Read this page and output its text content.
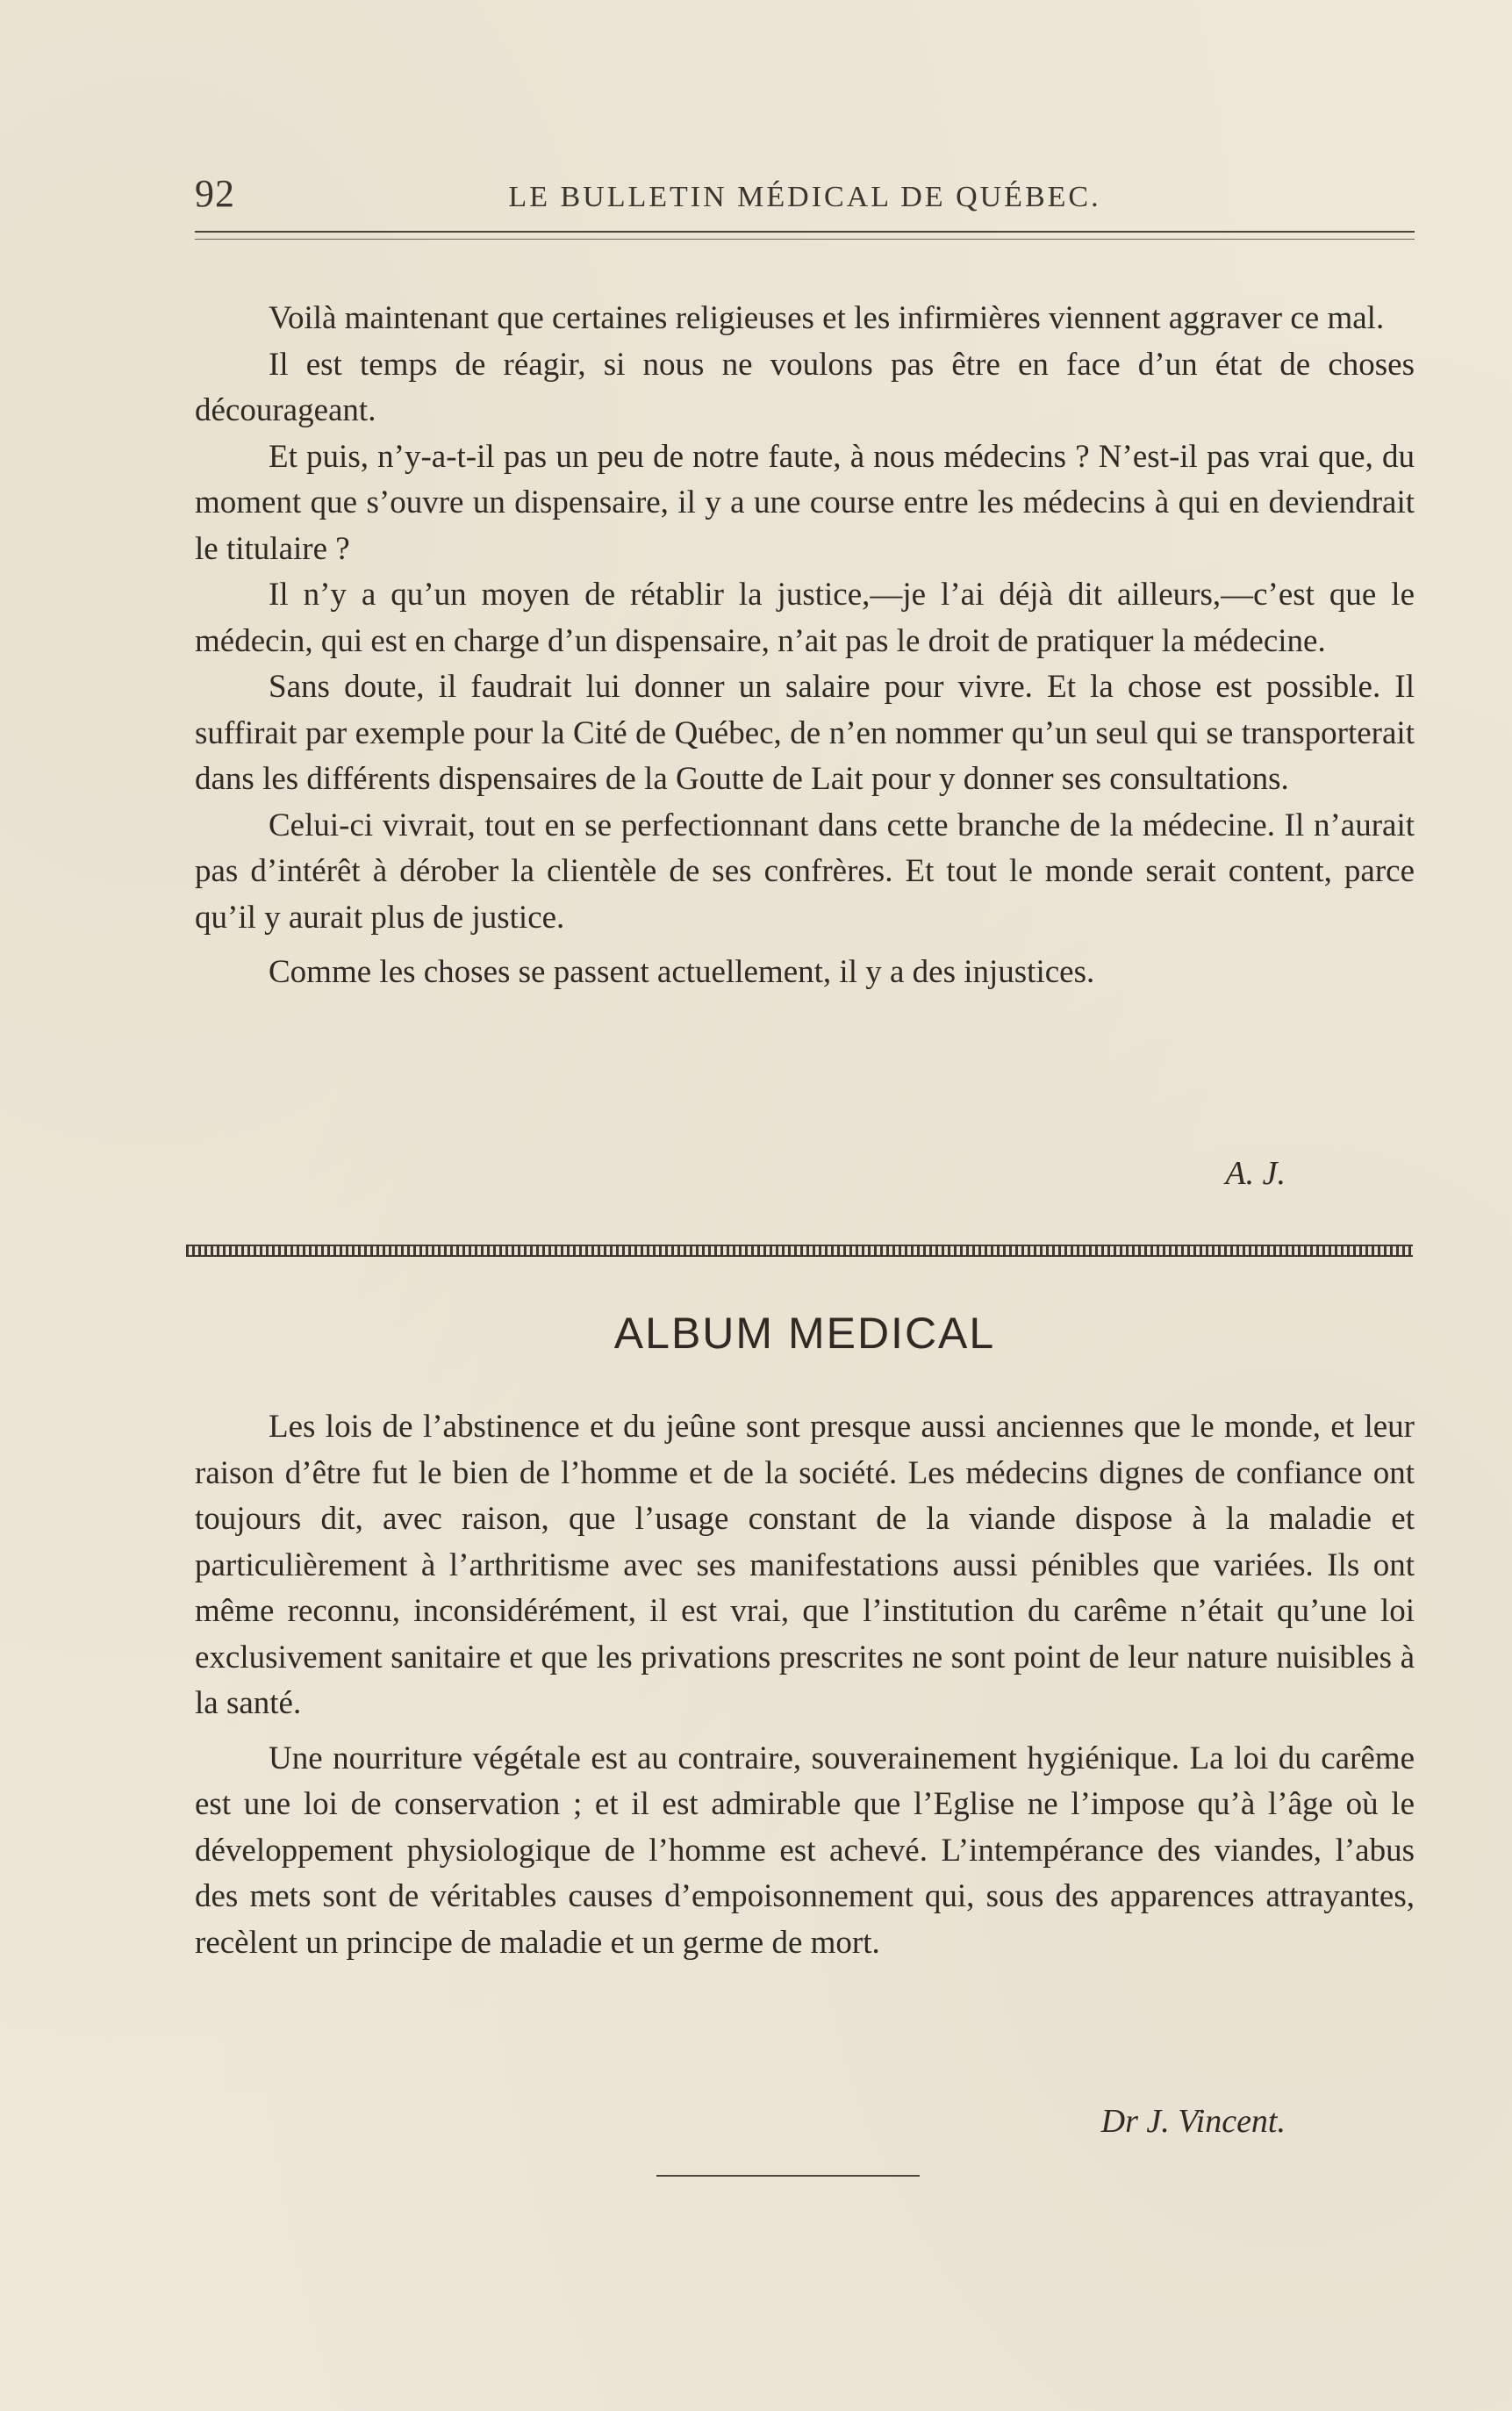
92	LE BULLETIN MÉDICAL DE QUÉBEC.

Voilà maintenant que certaines religieuses et les infirmières viennent aggraver ce mal.

Il est temps de réagir, si nous ne voulons pas être en face d’un état de choses décourageant.

Et puis, n’y-a-t-il pas un peu de notre faute, à nous médecins ? N’est-il pas vrai que, du moment que s’ouvre un dispensaire, il y a une course entre les médecins à qui en deviendrait le titulaire ?

Il n’y a qu’un moyen de rétablir la justice,—je l’ai déjà dit ailleurs,—c’est que le médecin, qui est en charge d’un dispensaire, n’ait pas le droit de pratiquer la médecine.

Sans doute, il faudrait lui donner un salaire pour vivre. Et la chose est possible. Il suffirait par exemple pour la Cité de Québec, de n’en nommer qu’un seul qui se transporterait dans les différents dispensaires de la Goutte de Lait pour y donner ses consultations.

Celui-ci vivrait, tout en se perfectionnant dans cette branche de la médecine. Il n’aurait pas d’intérêt à dérober la clientèle de ses confrères. Et tout le monde serait content, parce qu’il y aurait plus de justice.

Comme les choses se passent actuellement, il y a des injustices.

A. J.
ALBUM MEDICAL

Les lois de l’abstinence et du jeûne sont presque aussi anciennes que le monde, et leur raison d’être fut le bien de l’homme et de la société. Les médecins dignes de confiance ont toujours dit, avec raison, que l’usage constant de la viande dispose à la maladie et particulièrement à l’arthritisme avec ses manifestations aussi pénibles que variées. Ils ont même reconnu, inconsidérément, il est vrai, que l’institution du carême n’était qu’une loi exclusivement sanitaire et que les privations prescrites ne sont point de leur nature nuisibles à la santé.

Une nourriture végétale est au contraire, souverainement hygiénique. La loi du carême est une loi de conservation ; et il est admirable que l’Eglise ne l’impose qu’à l’âge où le développement physiologique de l’homme est achevé. L’intempérance des viandes, l’abus des mets sont de véritables causes d’empoisonnement qui, sous des apparences attrayantes, recèlent un principe de maladie et un germe de mort.

Dr J. Vincent.
